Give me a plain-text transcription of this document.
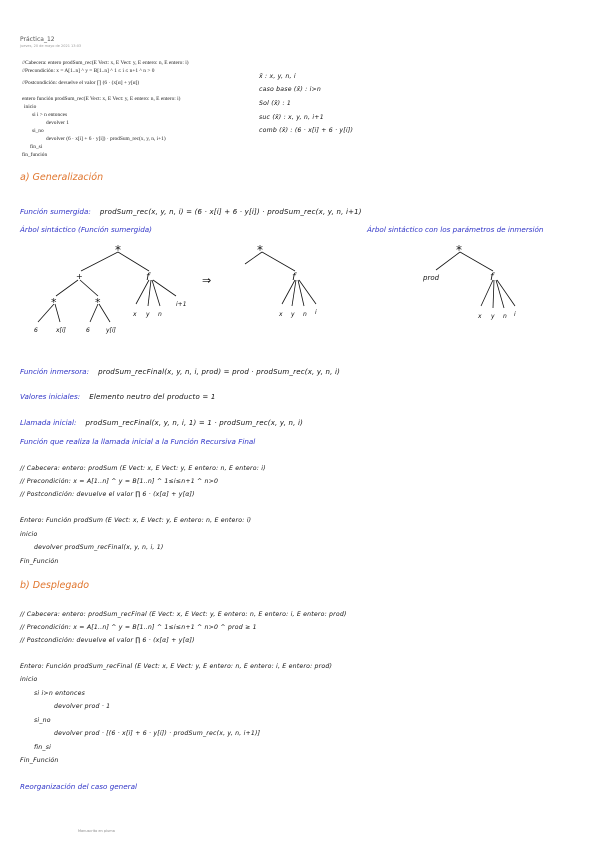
Práctica_12
jueves, 20 de mayo de 2021 13:03
//Cabecera: entero prodSum_rec(E Vect: x, E Vect: y, E entero: n, E entero: i)
//Precondición: x = A[1..n] ^ y = B[1..n] ^ 1 ≤ i ≤ n+1 ^ n > 0
//Postcondición: devuelve el valor ∏ (6 · (x[α] + y[α])
entero función prodSum_rec(E Vect: x, E Vect: y, E entero: n, E entero: i)
inicio
si i > n entonces
devolver 1
si_no
devolver (6 · x[i] + 6 · y[i]) · prodSum_rec(x, y, n, i+1)
fin_si
fin_función
x̄ : x, y, n, i
caso base (x̄) : i>n
Sol (x̄) : 1
suc (x̄) : x, y, n, i+1
comb (x̄) : (6 · x[i] + 6 · y[i])
a) Generalización
Función sumergida: prodSum_rec(x, y, n, i) = (6 · x[i] + 6 · y[i]) · prodSum_rec(x, y, n, i+1)
Árbol sintáctico (Función sumergida)	Árbol sintáctico con los parámetros de inmersión
*
+	f
*	*
6	x[i]	6	y[i]
x y n
i+1
⇒
*
f
x y n i
*
prod	f
x y n i
Función inmersora: prodSum_recFinal(x, y, n, i, prod) = prod · prodSum_rec(x, y, n, i)
Valores iniciales: Elemento neutro del producto = 1
Llamada inicial: prodSum_recFinal(x, y, n, i, 1) = 1 · prodSum_rec(x, y, n, i)
Función que realiza la llamada inicial a la Función Recursiva Final
// Cabecera: entero: prodSum (E Vect: x, E Vect: y, E entero: n, E entero: i)
// Precondición: x = A[1..n] ^ y = B[1..n] ^ 1≤i≤n+1 ^ n>0
// Postcondición: devuelve el valor ∏ 6 · (x[α] + y[α])
Entero: Función prodSum (E Vect: x, E Vect: y, E entero: n, E entero: i)
inicio
devolver prodSum_recFinal(x, y, n, i, 1)
Fin_Función
b) Desplegado
// Cabecera: entero: prodSum_recFinal (E Vect: x, E Vect: y, E entero: n, E entero: i, E entero: prod)
// Precondición: x = A[1..n] ^ y = B[1..n] ^ 1≤i≤n+1 ^ n>0 ^ prod ≥ 1
// Postcondición: devuelve el valor ∏ 6 · (x[α] + y[α])
Entero: Función prodSum_recFinal (E Vect: x, E Vect: y, E entero: n, E entero: i, E entero: prod)
inicio
si i>n entonces
devolver prod · 1
si_no
devolver prod · [(6 · x[i] + 6 · y[i]) · prodSum_rec(x, y, n, i+1)]
fin_si
Fin_Función
Reorganización del caso general
Manuscrito en pluma
